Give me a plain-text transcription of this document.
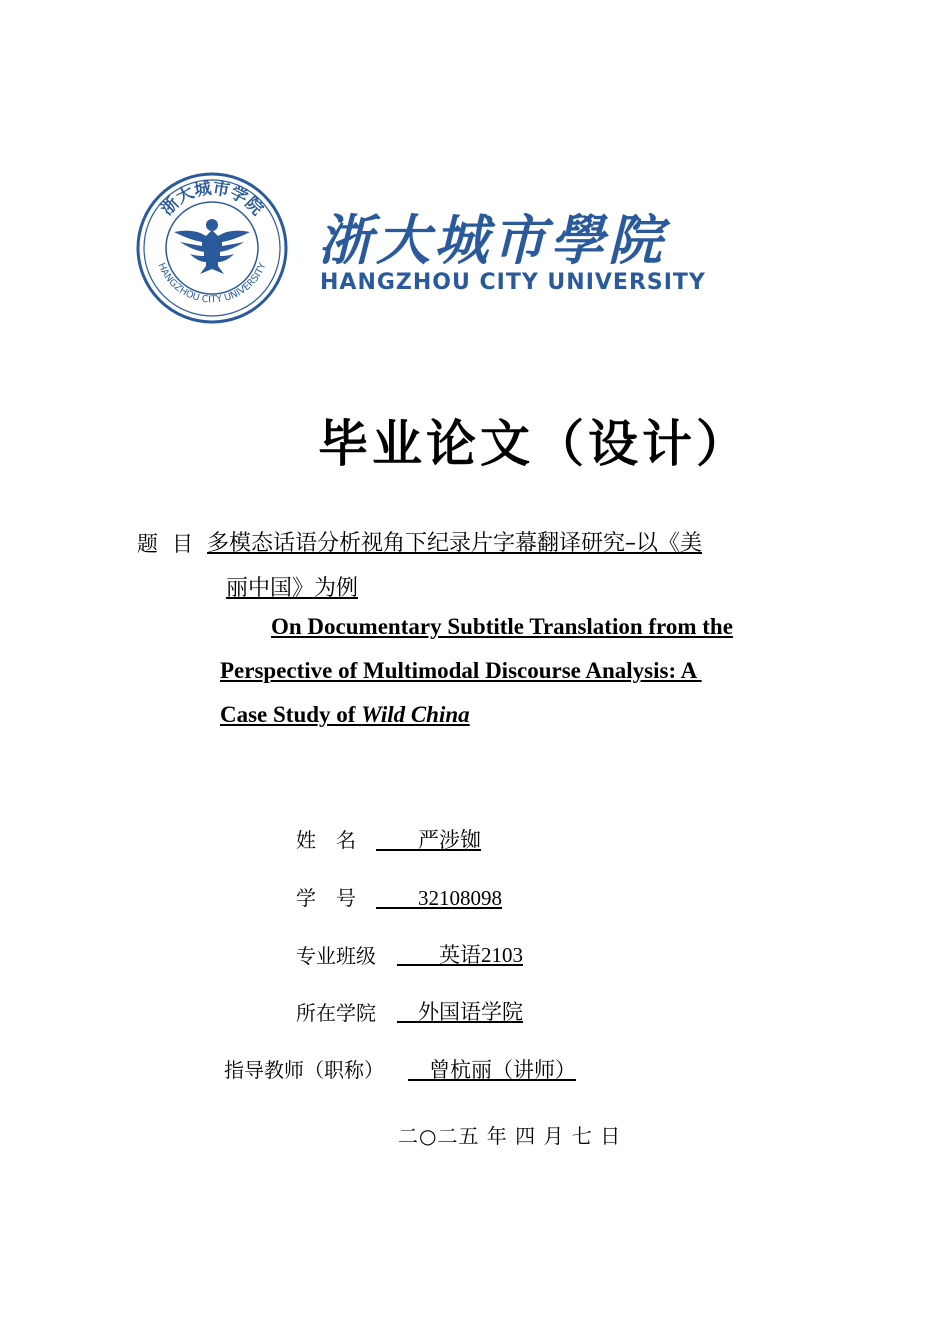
浙大城市学院
HANGZHOU CITY UNIVERSITY 浙大城市學院
HANGZHOU CITY UNIVERSITY
毕业论文（设计）
题 目 多模态话语分析视角下纪录片字幕翻译研究–以《美
丽中国》为例
On Documentary Subtitle Translation from the
Perspective of Multimodal Discourse Analysis: A
Case Study of Wild China
姓　名 　　严涉铷
学　号 　　32108098
专业班级 　　英语2103
所在学院 　外国语学院
指导教师（职称） 　曾杭丽（讲师）
二○二五 年 四 月 七 日
